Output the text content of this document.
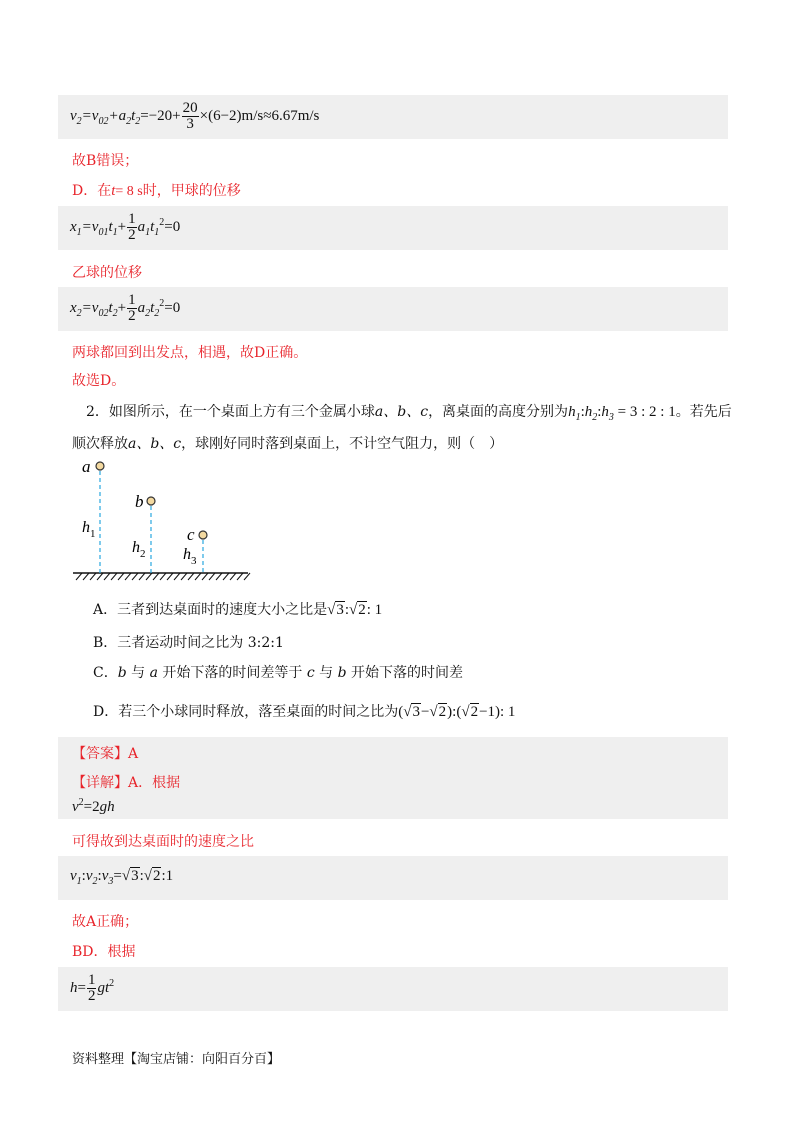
$v_2=v_{02}+a_2t_2=-20+ \frac{20}{3} \times(6-2)m/s\approx 6.67m/s$
故B错误；
D．在t= 8 s时，甲球的位移
$x_1=v_{01}t_1+ \frac{1}{2} a_1t_1^2=0$
乙球的位移
$x_2=v_{02}t_2+ \frac{1}{2} a_2t_2^2=0$
两球都回到出发点，相遇，故D正确。
故选D。
2．如图所示，在一个桌面上方有三个金属小球a、b、c，离桌面的高度分别为$h_1:h_2:h_3 = 3$ : 2 : 1。若先后
顺次释放a、b、c，球刚好同时落到桌面上，不计空气阻力，则（　）
a
b
c
$h_1$
$h_2$ $h_3$
A．三者到达桌面时的速度大小之比是√3:√2: 1
B．三者运动时间之比为 3:2:1
C．b 与 a 开始下落的时间差等于 c 与 b 开始下落的时间差
D．若三个小球同时释放，落至桌面的时间之比为(√3−√2):(√2−1): 1
【答案】A
【详解】A．根据
$v^2=2gh$
可得故到达桌面时的速度之比
$v_1:v_2:v_3=√3:√2:1$
故A正确；
BD．根据
$h= \frac{1}{2} gt^2$
资料整理【淘宝店铺：向阳百分百】
